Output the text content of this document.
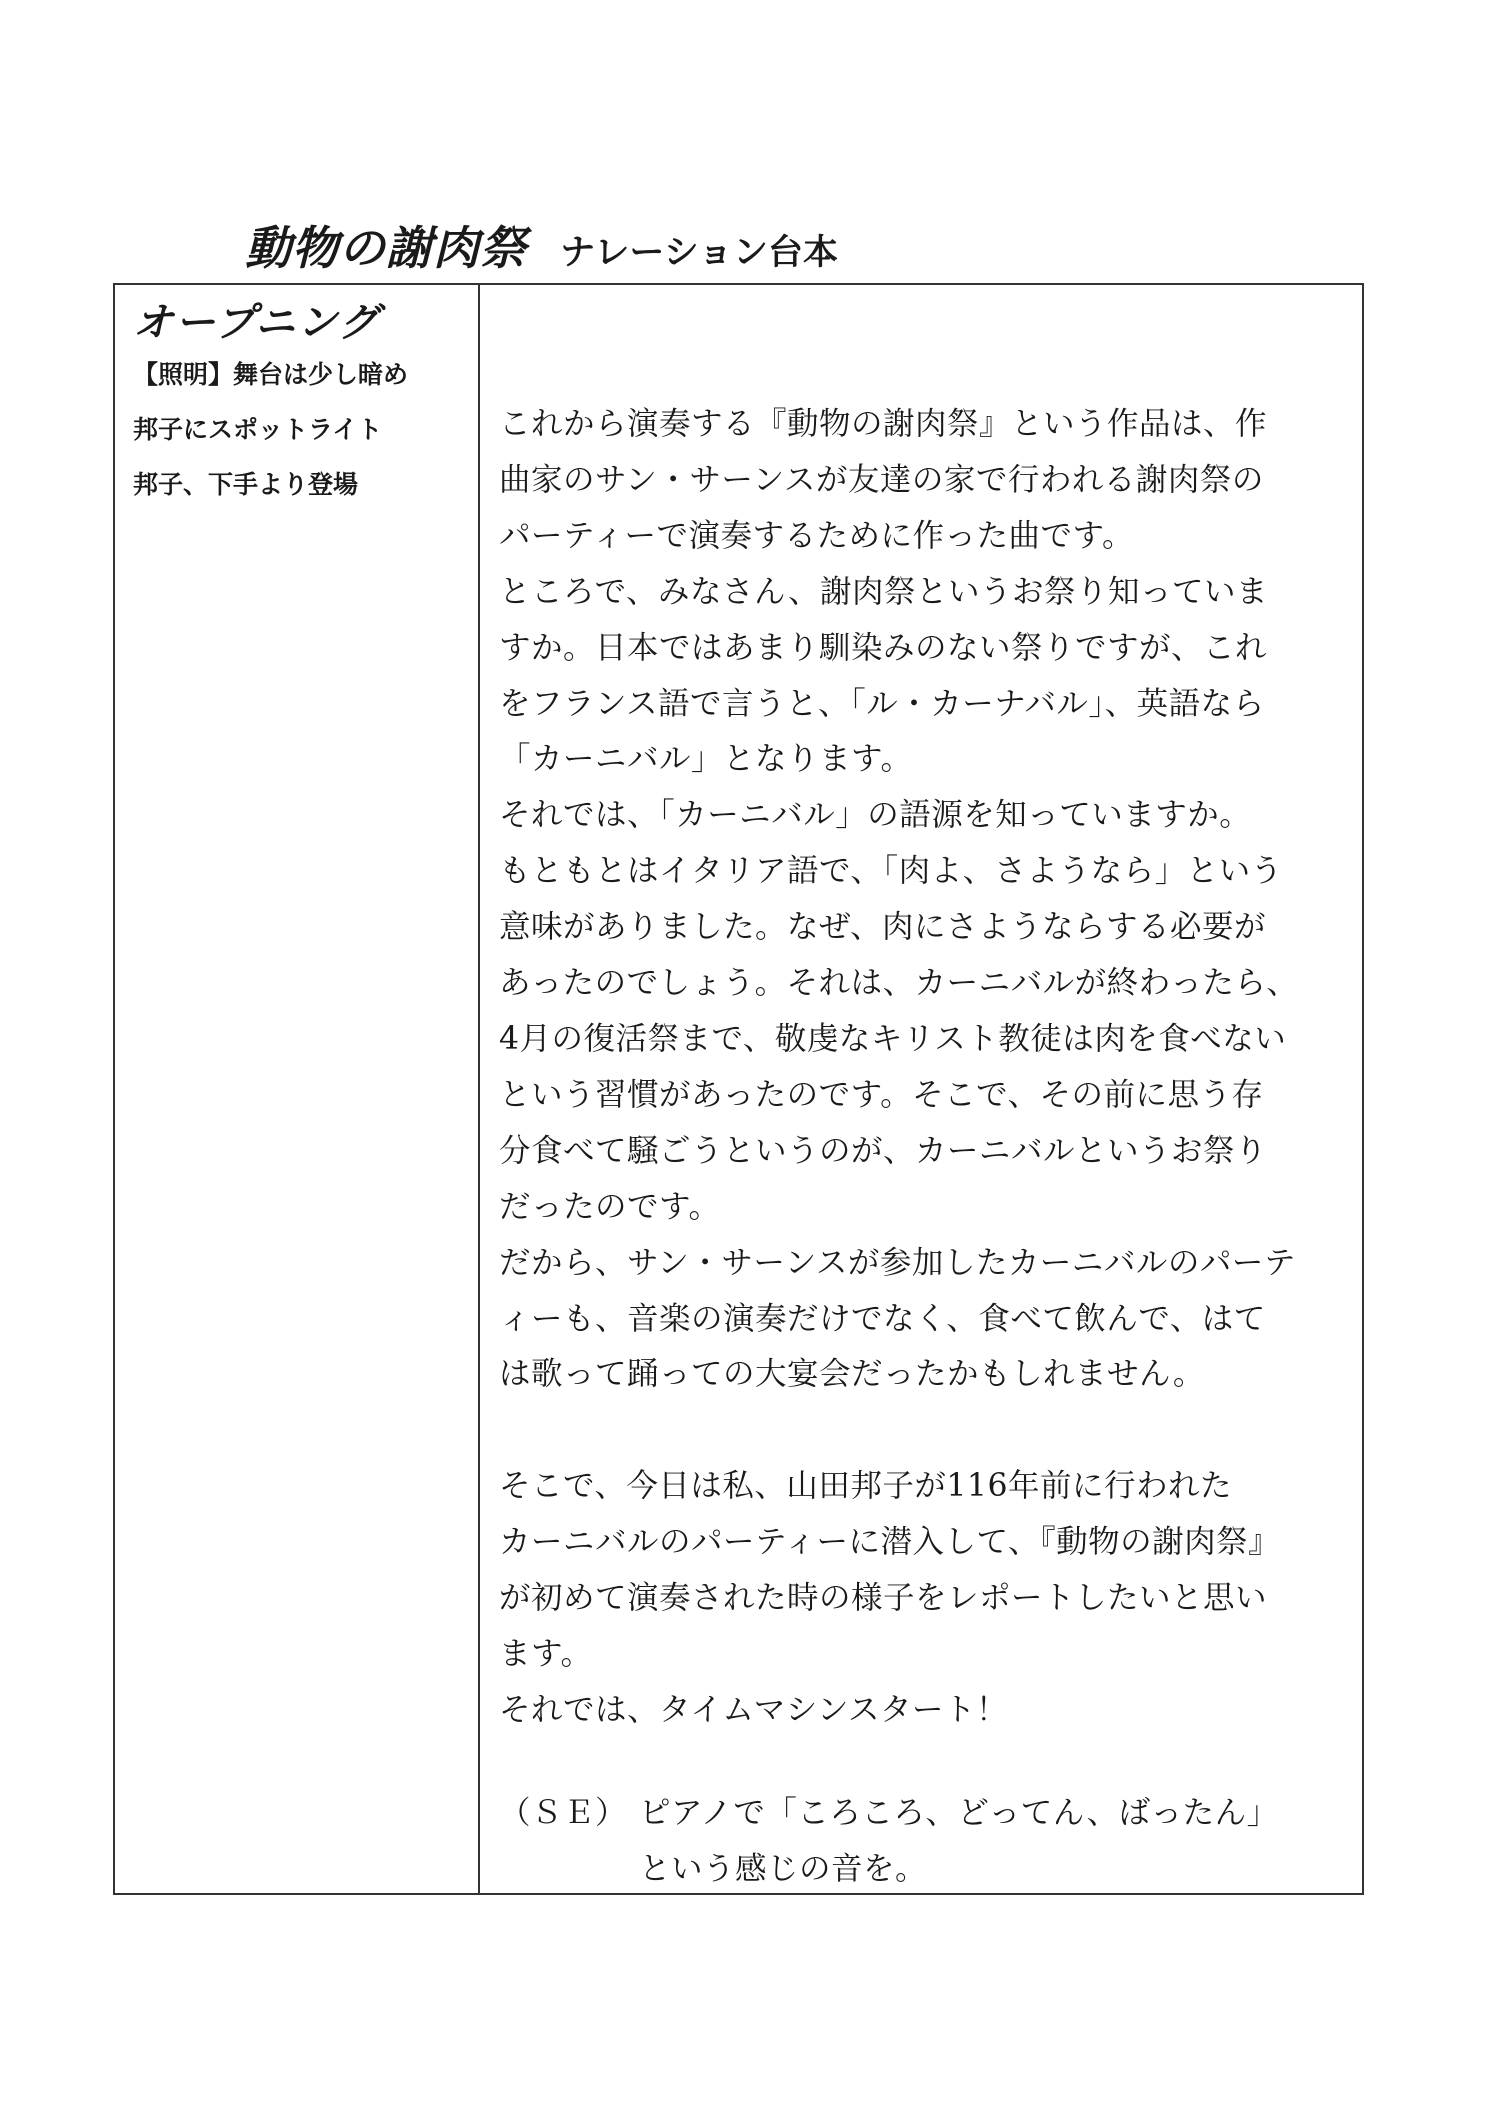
動物の謝肉祭 ナレーション台本
オープニング
【照明】舞台は少し暗め
邦子にスポットライト
邦子、下手より登場

これから演奏する『動物の謝肉祭』という作品は、作

曲家のサン・サーンスが友達の家で行われる謝肉祭の

パーティーで演奏するために作った曲です。

ところで、みなさん、謝肉祭というお祭り知っていま

すか。日本ではあまり馴染みのない祭りですが、これ

をフランス語で言うと、「ル・カーナバル」、英語なら

「カーニバル」となります。

それでは、「カーニバル」の語源を知っていますか。

もともとはイタリア語で、「肉よ、さようなら」という

意味がありました。なぜ、肉にさようならする必要が

あったのでしょう。それは、カーニバルが終わったら、

4月の復活祭まで、敬虔なキリスト教徒は肉を食べない

という習慣があったのです。そこで、その前に思う存

分食べて騒ごうというのが、カーニバルというお祭り

だったのです。

だから、サン・サーンスが参加したカーニバルのパーテ

ィーも、音楽の演奏だけでなく、食べて飲んで、はて

は歌って踊っての大宴会だったかもしれません。

そこで、今日は私、山田邦子が116年前に行われた

カーニバルのパーティーに潜入して、『動物の謝肉祭』

が初めて演奏された時の様子をレポートしたいと思い

ます。

それでは、タイムマシンスタート！

（ＳＥ） ピアノで「ころころ、どってん、ばったん」
という感じの音を。
